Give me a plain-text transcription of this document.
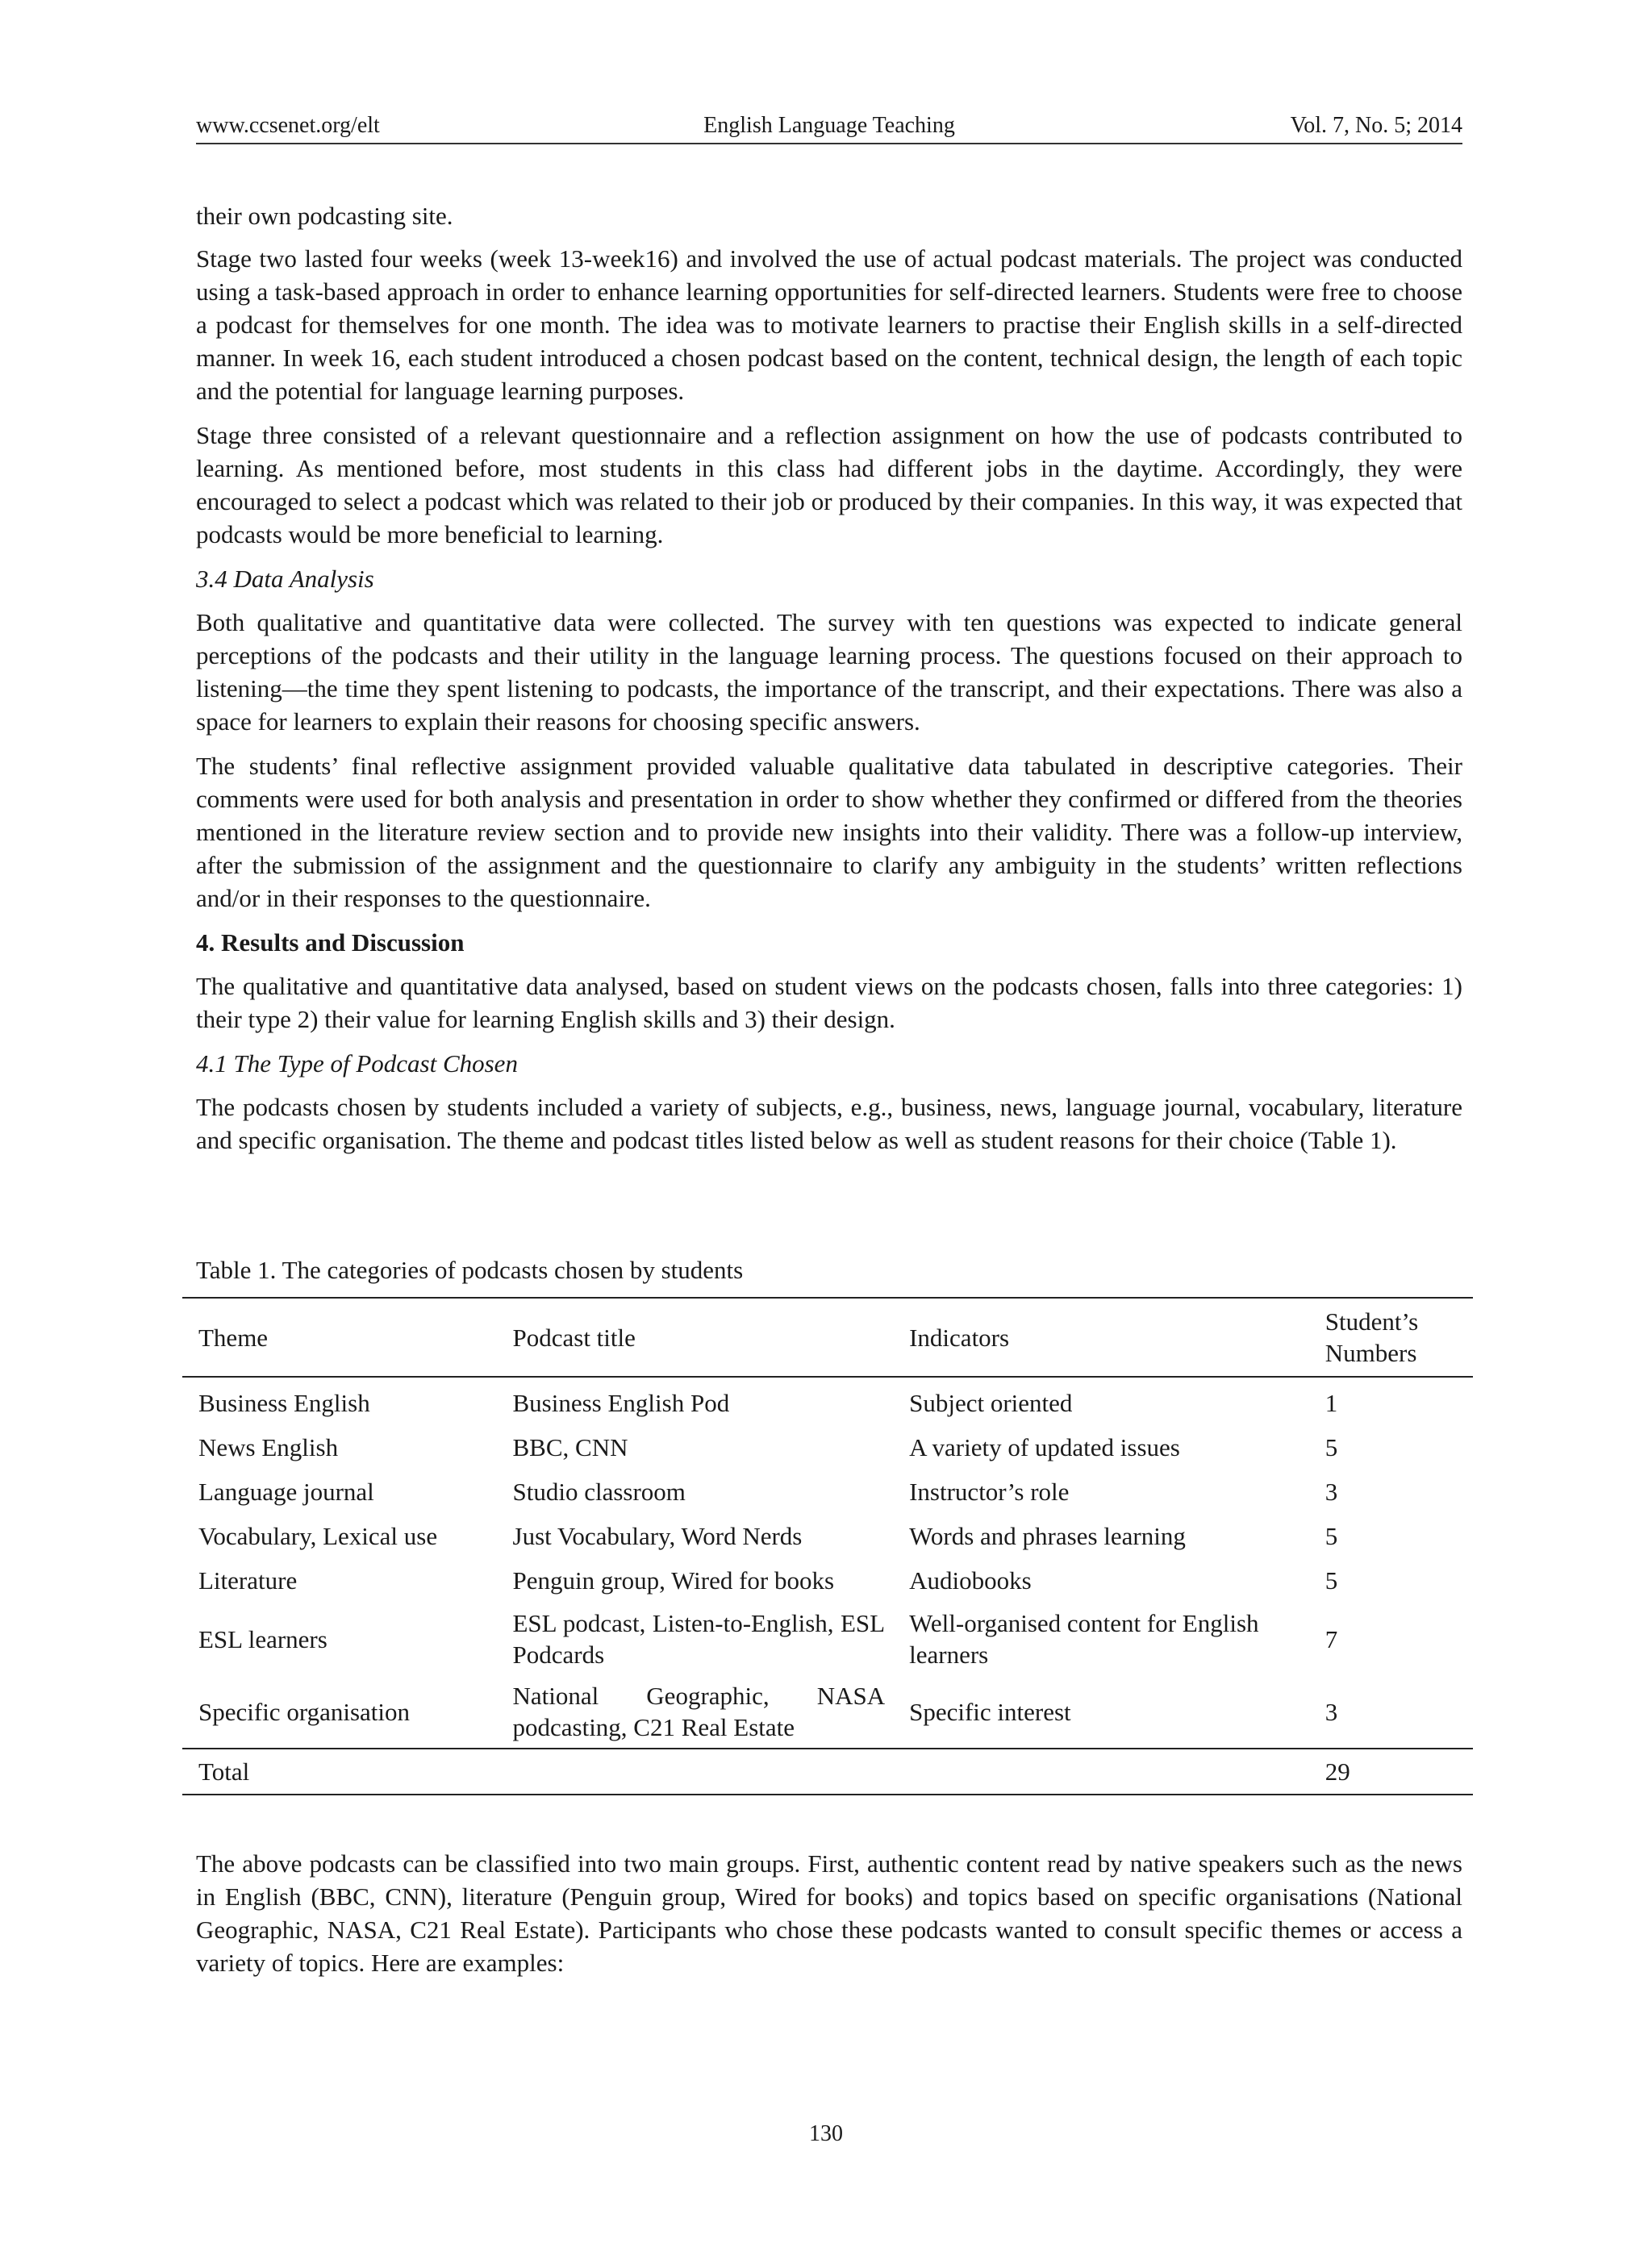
www.ccsenet.org/elt	English Language Teaching	Vol. 7, No. 5; 2014

their own podcasting site.

Stage two lasted four weeks (week 13-week16) and involved the use of actual podcast materials. The project was conducted using a task-based approach in order to enhance learning opportunities for self-directed learners. Students were free to choose a podcast for themselves for one month. The idea was to motivate learners to practise their English skills in a self-directed manner. In week 16, each student introduced a chosen podcast based on the content, technical design, the length of each topic and the potential for language learning purposes.

Stage three consisted of a relevant questionnaire and a reflection assignment on how the use of podcasts contributed to learning. As mentioned before, most students in this class had different jobs in the daytime. Accordingly, they were encouraged to select a podcast which was related to their job or produced by their companies. In this way, it was expected that podcasts would be more beneficial to learning.

3.4 Data Analysis

Both qualitative and quantitative data were collected. The survey with ten questions was expected to indicate general perceptions of the podcasts and their utility in the language learning process. The questions focused on their approach to listening—the time they spent listening to podcasts, the importance of the transcript, and their expectations. There was also a space for learners to explain their reasons for choosing specific answers.

The students’ final reflective assignment provided valuable qualitative data tabulated in descriptive categories. Their comments were used for both analysis and presentation in order to show whether they confirmed or differed from the theories mentioned in the literature review section and to provide new insights into their validity. There was a follow-up interview, after the submission of the assignment and the questionnaire to clarify any ambiguity in the students’ written reflections and/or in their responses to the questionnaire.

4. Results and Discussion

The qualitative and quantitative data analysed, based on student views on the podcasts chosen, falls into three categories: 1) their type 2) their value for learning English skills and 3) their design.

4.1 The Type of Podcast Chosen

The podcasts chosen by students included a variety of subjects, e.g., business, news, language journal, vocabulary, literature and specific organisation. The theme and podcast titles listed below as well as student reasons for their choice (Table 1).

Table 1. The categories of podcasts chosen by students
Theme	Podcast title	Indicators	Student’s Numbers
Business English	Business English Pod	Subject oriented	1
News English	BBC, CNN	A variety of updated issues	5
Language journal	Studio classroom	Instructor’s role	3
Vocabulary, Lexical use	Just Vocabulary, Word Nerds	Words and phrases learning	5
Literature	Penguin group, Wired for books	Audiobooks	5
ESL learners	ESL podcast, Listen-to-English, ESL Podcards	Well-organised content for English learners	7
Specific organisation	National Geographic, NASA podcasting, C21 Real Estate	Specific interest	3
Total			29

The above podcasts can be classified into two main groups. First, authentic content read by native speakers such as the news in English (BBC, CNN), literature (Penguin group, Wired for books) and topics based on specific organisations (National Geographic, NASA, C21 Real Estate). Participants who chose these podcasts wanted to consult specific themes or access a variety of topics. Here are examples:

130
